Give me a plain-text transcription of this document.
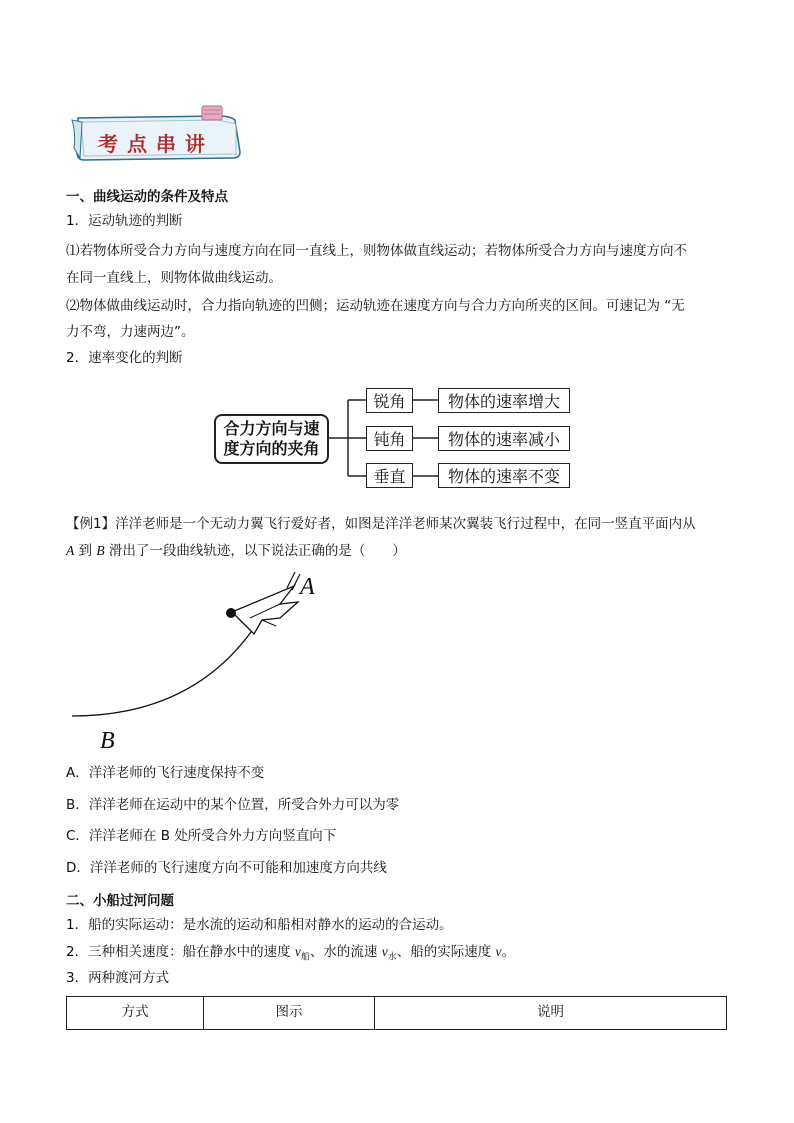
考 点 串 讲
一、曲线运动的条件及特点
1．运动轨迹的判断
⑴若物体所受合力方向与速度方向在同一直线上，则物体做直线运动；若物体所受合力方向与速度方向不
在同一直线上，则物体做曲线运动。
⑵物体做曲线运动时，合力指向轨迹的凹侧；运动轨迹在速度方向与合力方向所夹的区间。可速记为 “无
力不弯，力速两边”。
2．速率变化的判断
合力方向与速
度方向的夹角
锐角	物体的速率增大
钝角	物体的速率减小
垂直	物体的速率不变
【例1】洋洋老师是一个无动力翼飞行爱好者，如图是洋洋老师某次翼装飞行过程中，在同一竖直平面内从
A 到 B 滑出了一段曲线轨迹，以下说法正确的是（　　）
A
B
A．洋洋老师的飞行速度保持不变
B．洋洋老师在运动中的某个位置，所受合外力可以为零
C．洋洋老师在 B 处所受合外力方向竖直向下
D．洋洋老师的飞行速度方向不可能和加速度方向共线
二、小船过河问题
1．船的实际运动：是水流的运动和船相对静水的运动的合运动。
2．三种相关速度：船在静水中的速度 $v_船$、水的流速 $v_水$、船的实际速度 v。
3．两种渡河方式
方式	图示	说明
